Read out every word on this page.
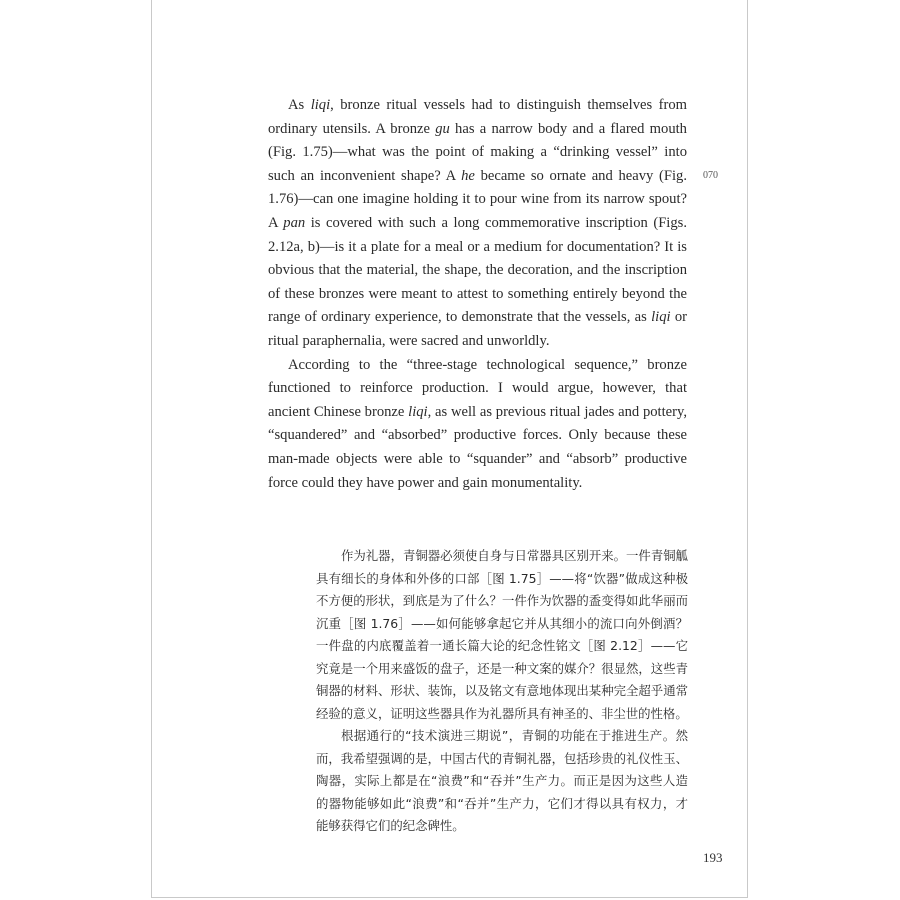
As liqi, bronze ritual vessels had to distinguish themselves from ordinary utensils. A bronze gu has a narrow body and a flared mouth (Fig. 1.75)—what was the point of making a “drinking vessel” into such an inconvenient shape? A he became so ornate and heavy (Fig. 1.76)—can one imagine holding it to pour wine from its narrow spout? A pan is covered with such a long commemorative inscription (Figs. 2.12a, b)—is it a plate for a meal or a medium for documentation? It is obvious that the material, the shape, the decoration, and the inscription of these bronzes were meant to attest to something entirely beyond the range of ordinary experience, to demonstrate that the vessels, as liqi or ritual paraphernalia, were sacred and unworldly.

According to the “three-stage technological sequence,” bronze functioned to reinforce production. I would argue, however, that ancient Chinese bronze liqi, as well as previous ritual jades and pottery, “squandered” and “absorbed” productive forces. Only because these man-made objects were able to “squander” and “absorb” productive force could they have power and gain monumentality.

070

作为礼器，青铜器必须使自身与日常器具区别开来。一件青铜觚具有细长的身体和外侈的口部［图 1.75］——将“饮器”做成这种极不方便的形状，到底是为了什么？一件作为饮器的盉变得如此华丽而沉重［图 1.76］——如何能够拿起它并从其细小的流口向外倒酒？一件盘的内底覆盖着一通长篇大论的纪念性铭文［图 2.12］——它究竟是一个用来盛饭的盘子，还是一种文案的媒介？很显然，这些青铜器的材料、形状、装饰，以及铭文有意地体现出某种完全超乎通常经验的意义，证明这些器具作为礼器所具有神圣的、非尘世的性格。

根据通行的“技术演进三期说”，青铜的功能在于推进生产。然而，我希望强调的是，中国古代的青铜礼器，包括珍贵的礼仪性玉、陶器，实际上都是在“浪费”和“吞并”生产力。而正是因为这些人造的器物能够如此“浪费”和“吞并”生产力，它们才得以具有权力，才能够获得它们的纪念碑性。

193
